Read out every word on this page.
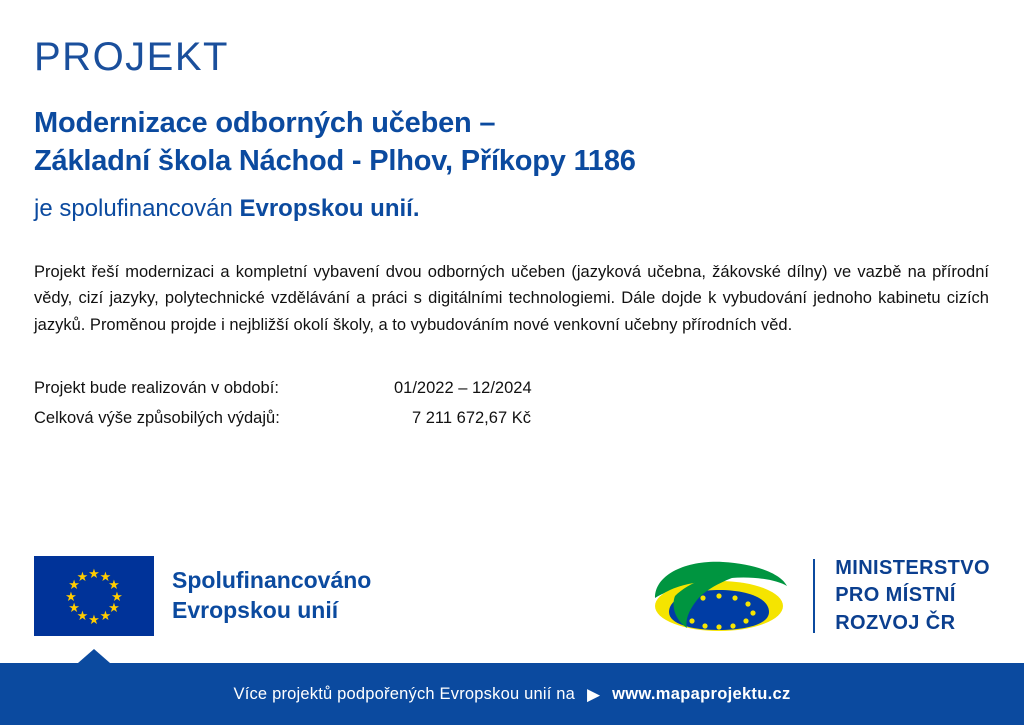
PROJEKT
Modernizace odborných učeben –
Základní škola Náchod - Plhov, Příkopy 1186
je spolufinancován Evropskou unií.

Projekt řeší modernizaci a kompletní vybavení dvou odborných učeben (jazyková učebna, žákovské dílny) ve vazbě na přírodní vědy, cizí jazyky, polytechnické vzdělávání a práci s digitálními technologiemi. Dále dojde k vybudování jednoho kabinetu cizích jazyků. Proměnou projde i nejbližší okolí školy, a to vybudováním nové venkovní učebny přírodních věd.

Projekt bude realizován v období:	01/2022 – 12/2024
Celková výše způsobilých výdajů:	7 211 672,67 Kč
★ ★
★
★
★
★
★
★
★
★
★
★	Spolufinancováno
Evropskou unií
MINISTERSTVO
PRO MÍSTNÍ
ROZVOJ ČR
Více projektů podpořených Evropskou unií na ▶ www.mapaprojektu.cz
